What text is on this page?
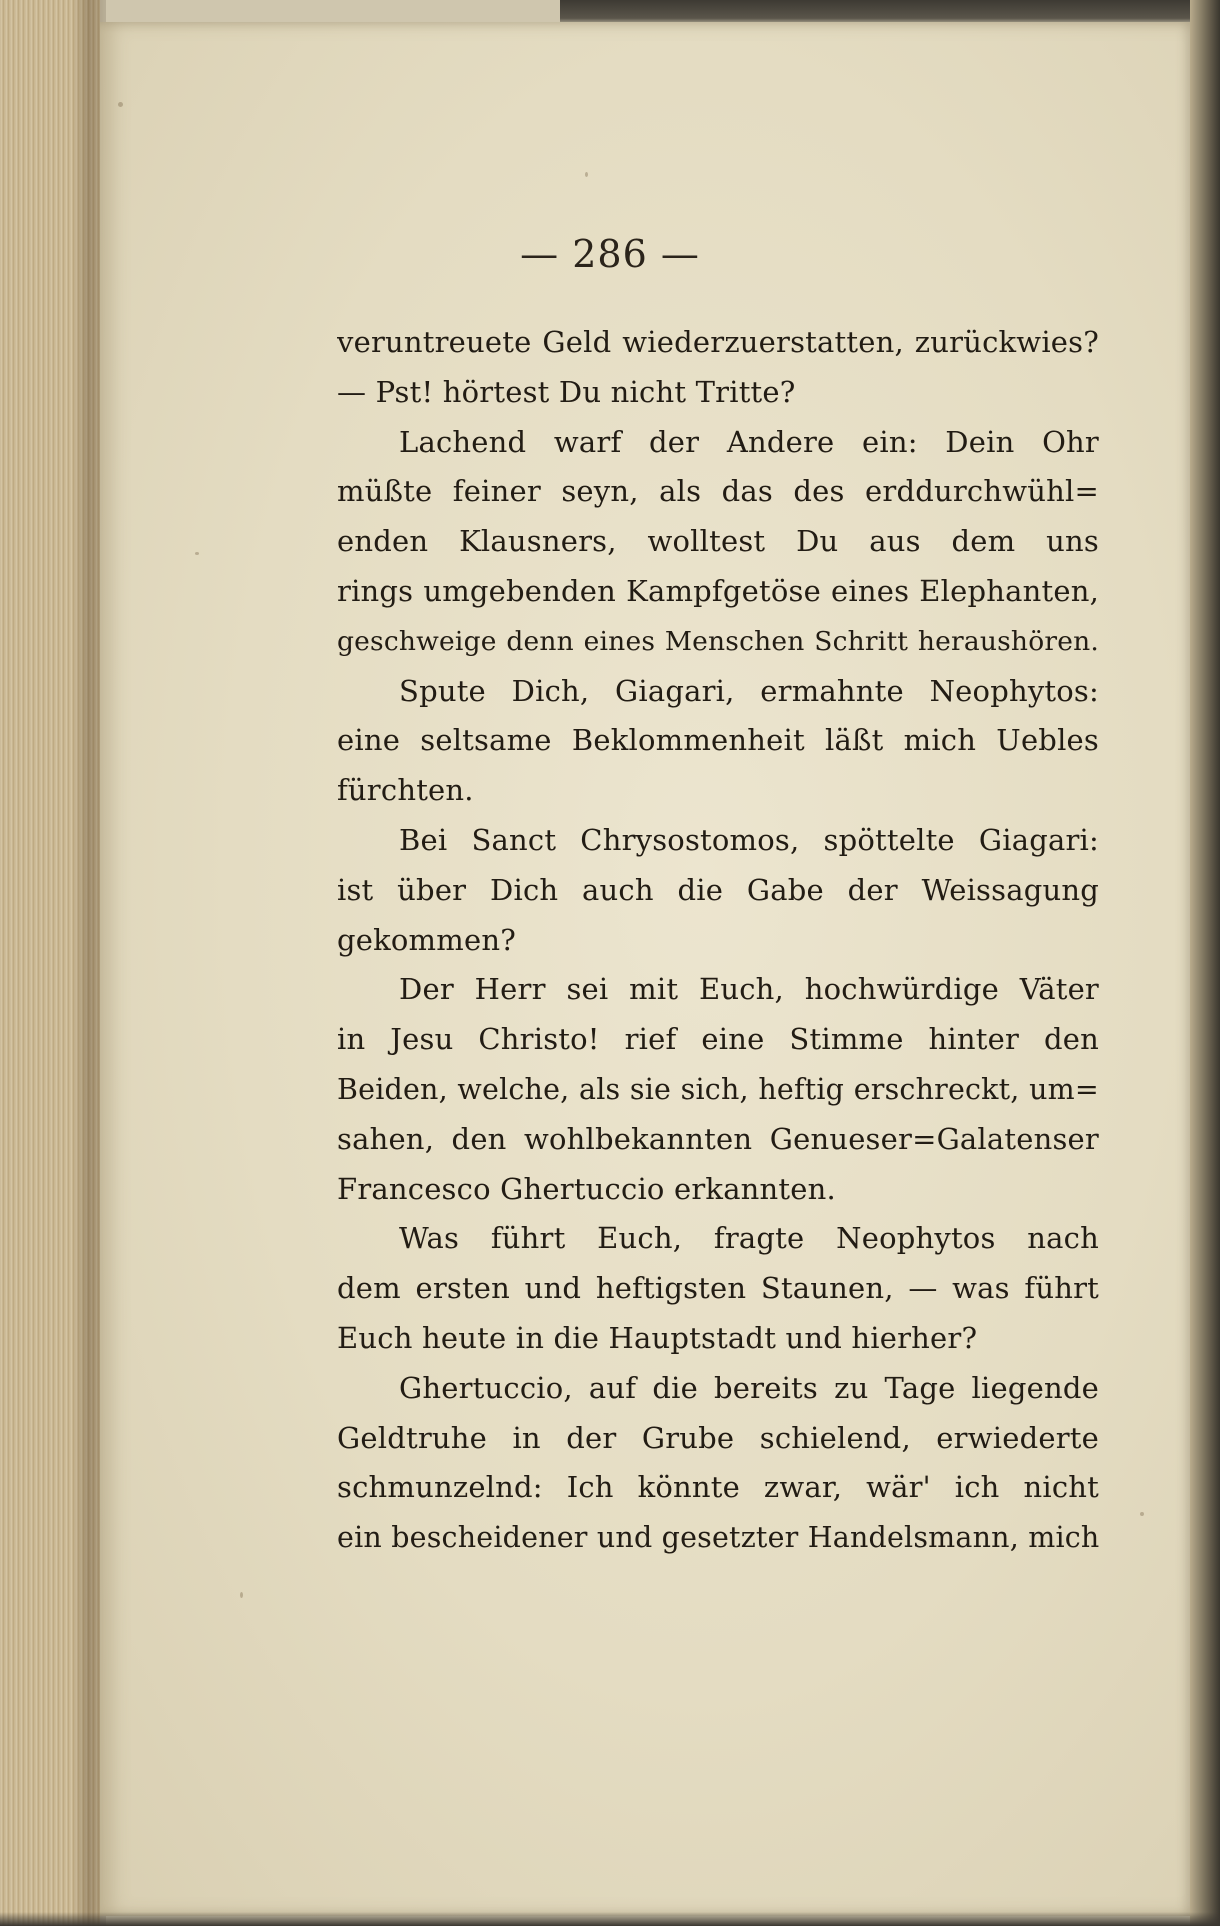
— 286 —
veruntreuete Geld wiederzuerstatten, zurückwies?
— Pst! hörtest Du nicht Tritte?
Lachend warf der Andere ein: Dein Ohr
müßte feiner seyn, als das des erddurchwühl=
enden Klausners, wolltest Du aus dem uns
rings umgebenden Kampfgetöse eines Elephanten,
geschweige denn eines Menschen Schritt heraushören.
Spute Dich, Giagari, ermahnte Neophytos:
eine seltsame Beklommenheit läßt mich Uebles
fürchten.
Bei Sanct Chrysostomos, spöttelte Giagari:
ist über Dich auch die Gabe der Weissagung
gekommen?
Der Herr sei mit Euch, hochwürdige Väter
in Jesu Christo! rief eine Stimme hinter den
Beiden, welche, als sie sich, heftig erschreckt, um=
sahen, den wohlbekannten Genueser=Galatenser
Francesco Ghertuccio erkannten.
Was führt Euch, fragte Neophytos nach
dem ersten und heftigsten Staunen, — was führt
Euch heute in die Hauptstadt und hierher?
Ghertuccio, auf die bereits zu Tage liegende
Geldtruhe in der Grube schielend, erwiederte
schmunzelnd: Ich könnte zwar, wär' ich nicht
ein bescheidener und gesetzter Handelsmann, mich
